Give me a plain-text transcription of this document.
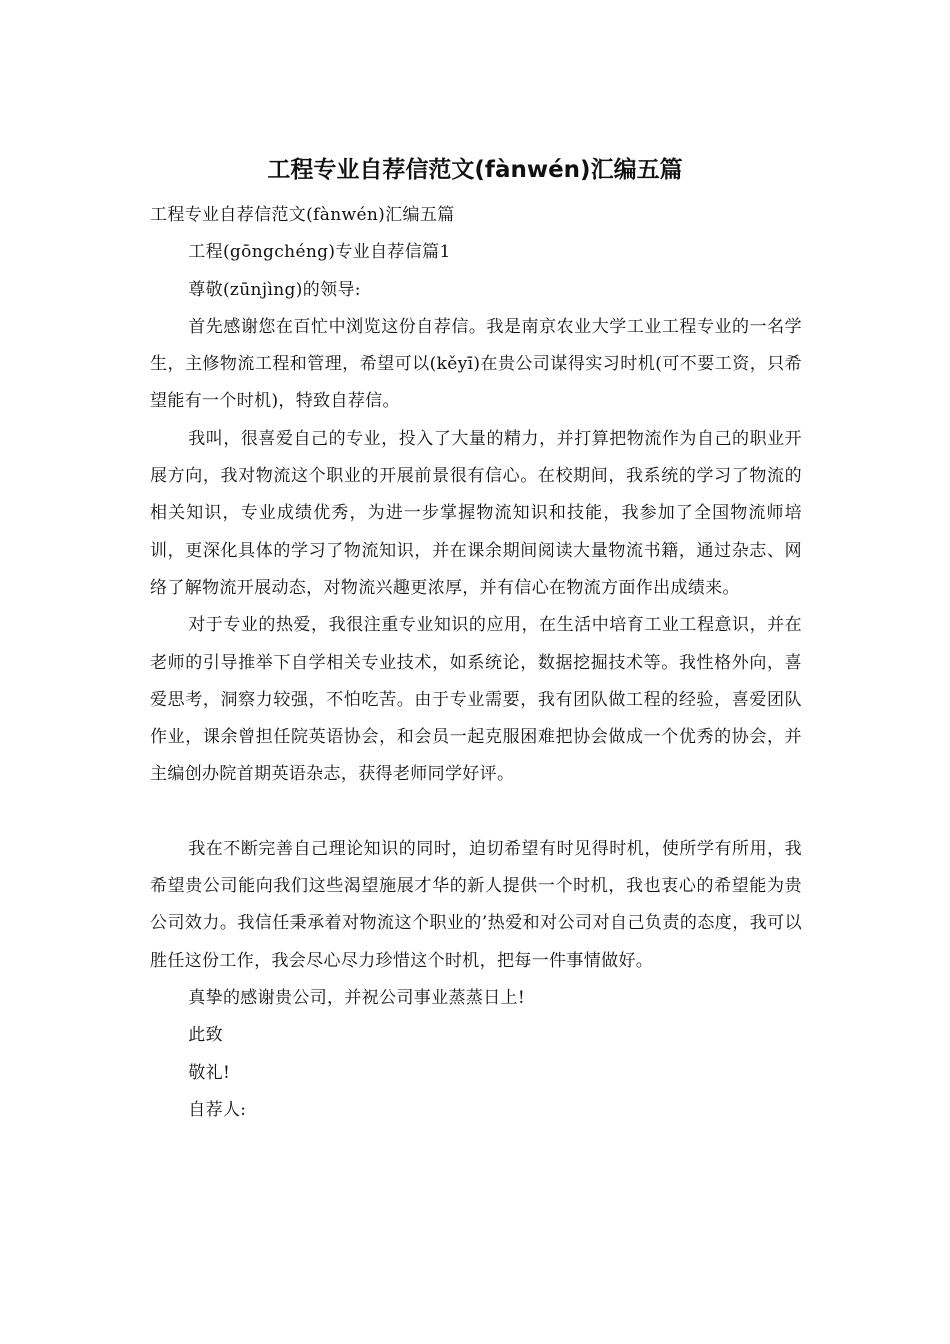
工程专业自荐信范文(fànwén)汇编五篇

工程专业自荐信范文(fànwén)汇编五篇

工程(gōngchéng)专业自荐信篇1

尊敬(zūnjìng)的领导:

首先感谢您在百忙中浏览这份自荐信。我是南京农业大学工业工程专业的一名学生，主修物流工程和管理，希望可以(kěyī)在贵公司谋得实习时机(可不要工资，只希望能有一个时机)，特致自荐信。

我叫，很喜爱自己的专业，投入了大量的精力，并打算把物流作为自己的职业开展方向，我对物流这个职业的开展前景很有信心。在校期间，我系统的学习了物流的相关知识，专业成绩优秀，为进一步掌握物流知识和技能，我参加了全国物流师培训，更深化具体的学习了物流知识，并在课余期间阅读大量物流书籍，通过杂志、网络了解物流开展动态，对物流兴趣更浓厚，并有信心在物流方面作出成绩来。

对于专业的热爱，我很注重专业知识的应用，在生活中培育工业工程意识，并在老师的引导推举下自学相关专业技术，如系统论，数据挖掘技术等。我性格外向，喜爱思考，洞察力较强，不怕吃苦。由于专业需要，我有团队做工程的经验，喜爱团队作业，课余曾担任院英语协会，和会员一起克服困难把协会做成一个优秀的协会，并主编创办院首期英语杂志，获得老师同学好评。

我在不断完善自己理论知识的同时，迫切希望有时见得时机，使所学有所用，我希望贵公司能向我们这些渴望施展才华的新人提供一个时机，我也衷心的希望能为贵公司效力。我信任秉承着对物流这个职业的’热爱和对公司对自己负责的态度，我可以胜任这份工作，我会尽心尽力珍惜这个时机，把每一件事情做好。

真挚的感谢贵公司，并祝公司事业蒸蒸日上!

此致

敬礼!

自荐人:
